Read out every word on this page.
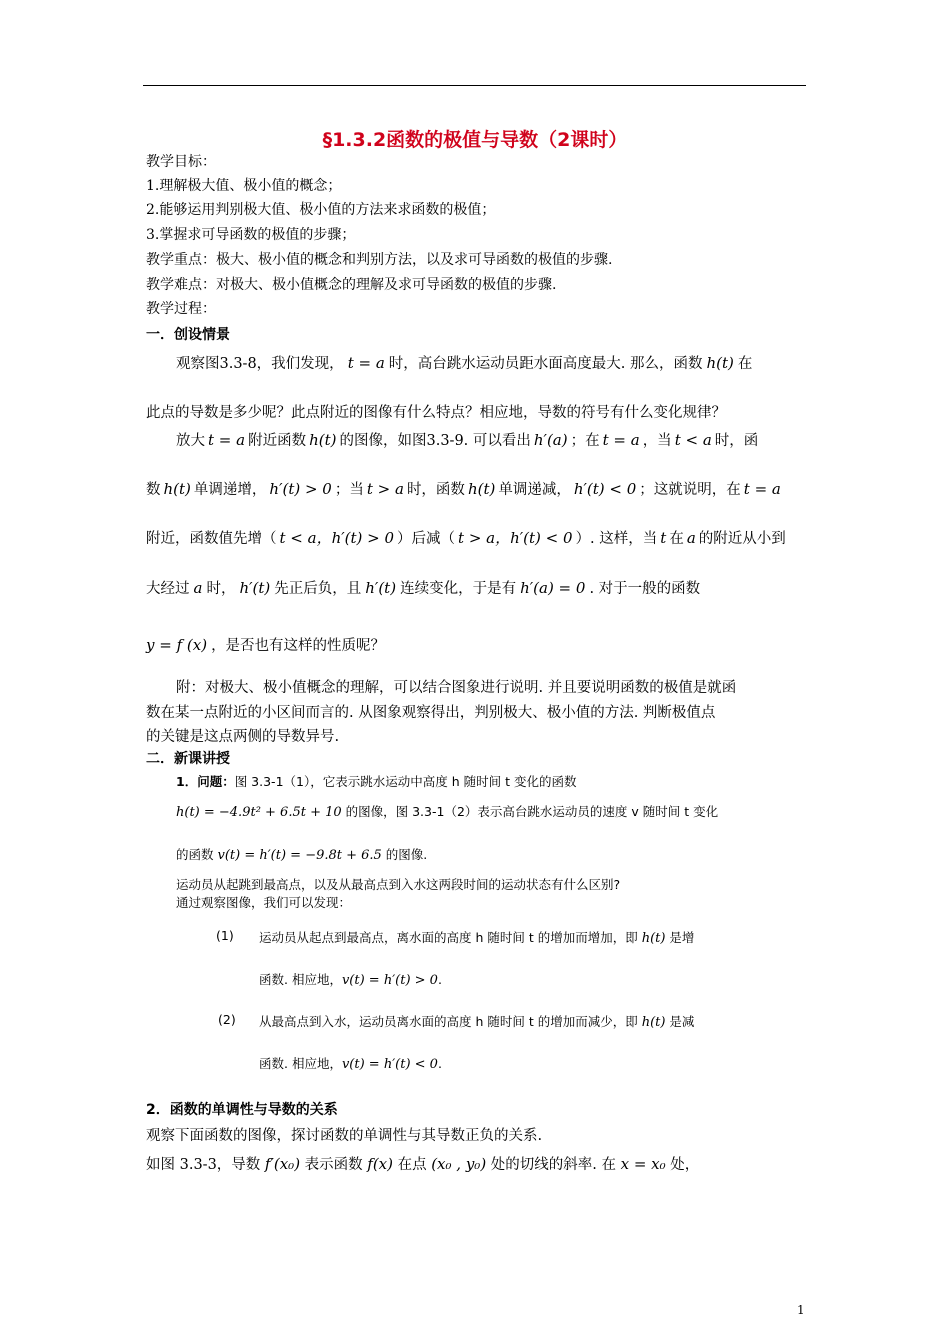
§1.3.2函数的极值与导数（2课时）
教学目标：
1.理解极大值、极小值的概念；
2.能够运用判别极大值、极小值的方法来求函数的极值；
3.掌握求可导函数的极值的步骤；
教学重点：极大、极小值的概念和判别方法，以及求可导函数的极值的步骤.
教学难点：对极大、极小值概念的理解及求可导函数的极值的步骤.
教学过程：
一．创设情景
观察图3.3-8，我们发现， t = a 时，高台跳水运动员距水面高度最大. 那么，函数 h(t) 在
此点的导数是多少呢？此点附近的图像有什么特点？相应地，导数的符号有什么变化规律？
放大 t = a 附近函数 h(t) 的图像，如图3.3-9. 可以看出 h′(a) ；在 t = a ，当 t < a 时，函
数 h(t) 单调递增， h′(t) > 0 ；当 t > a 时，函数 h(t) 单调递减， h′(t) < 0 ；这就说明，在 t = a
附近，函数值先增（ t < a，h′(t) > 0 ）后减（ t > a，h′(t) < 0 ）. 这样，当 t 在 a 的附近从小到
大经过 a 时， h′(t) 先正后负，且 h′(t) 连续变化，于是有 h′(a) = 0 . 对于一般的函数
y = f (x) ，是否也有这样的性质呢？
附：对极大、极小值概念的理解，可以结合图象进行说明. 并且要说明函数的极值是就函
数在某一点附近的小区间而言的. 从图象观察得出，判别极大、极小值的方法. 判断极值点
的关键是这点两侧的导数异号.
二．新课讲授
1．问题：图 3.3-1（1），它表示跳水运动中高度 h 随时间 t 变化的函数
h(t) = −4.9t² + 6.5t + 10 的图像，图 3.3-1（2）表示高台跳水运动员的速度 v 随时间 t 变化
的函数 v(t) = h′(t) = −9.8t + 6.5 的图像.
运动员从起跳到最高点，以及从最高点到入水这两段时间的运动状态有什么区别?
通过观察图像，我们可以发现：
(1)	运动员从起点到最高点，离水面的高度 h 随时间 t 的增加而增加，即 h(t) 是增
函数. 相应地，v(t) = h′(t) > 0.
(2)	从最高点到入水，运动员离水面的高度 h 随时间 t 的增加而减少，即 h(t) 是减
函数. 相应地，v(t) = h′(t) < 0.
2．函数的单调性与导数的关系
观察下面函数的图像，探讨函数的单调性与其导数正负的关系.
如图 3.3-3，导数 f′(x₀) 表示函数 f(x) 在点 (x₀ , y₀) 处的切线的斜率. 在 x = x₀ 处，
1
